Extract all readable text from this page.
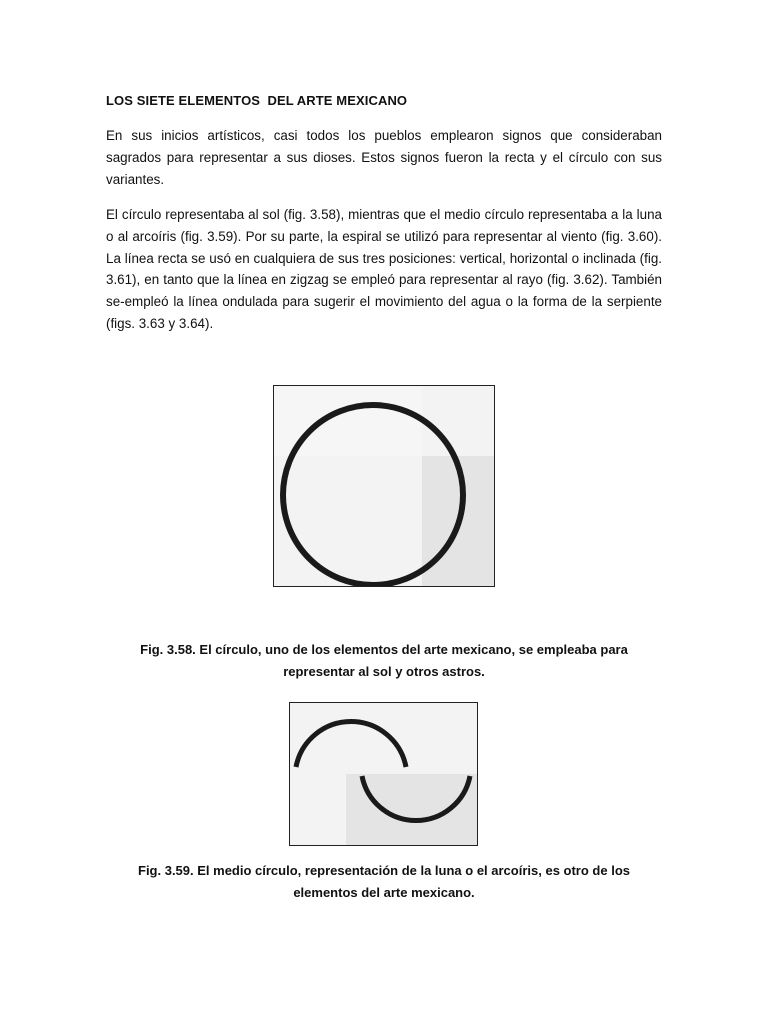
LOS SIETE ELEMENTOS  DEL ARTE MEXICANO

En sus inicios artísticos, casi todos los pueblos emplearon signos que consideraban sagrados para representar a sus dioses. Estos signos fueron la recta y el círculo con sus variantes.

El círculo representaba al sol (fig. 3.58), mientras que el medio círculo representaba a la luna o al arcoíris (fig. 3.59). Por su parte, la espiral se utilizó para representar al viento (fig. 3.60). La línea recta se usó en cualquiera de sus tres posiciones: vertical, horizontal o inclinada (fig. 3.61), en tanto que la línea en zigzag se empleó para representar al rayo (fig. 3.62). También se-empleó la línea ondulada para sugerir el movimiento del agua o la forma de la serpiente (figs. 3.63 y 3.64).

Fig. 3.58. El círculo, uno de los elementos del arte mexicano, se empleaba para
representar al sol y otros astros.
Fig. 3.59. El medio círculo, representación de la luna o el arcoíris, es otro de los
elementos del arte mexicano.
